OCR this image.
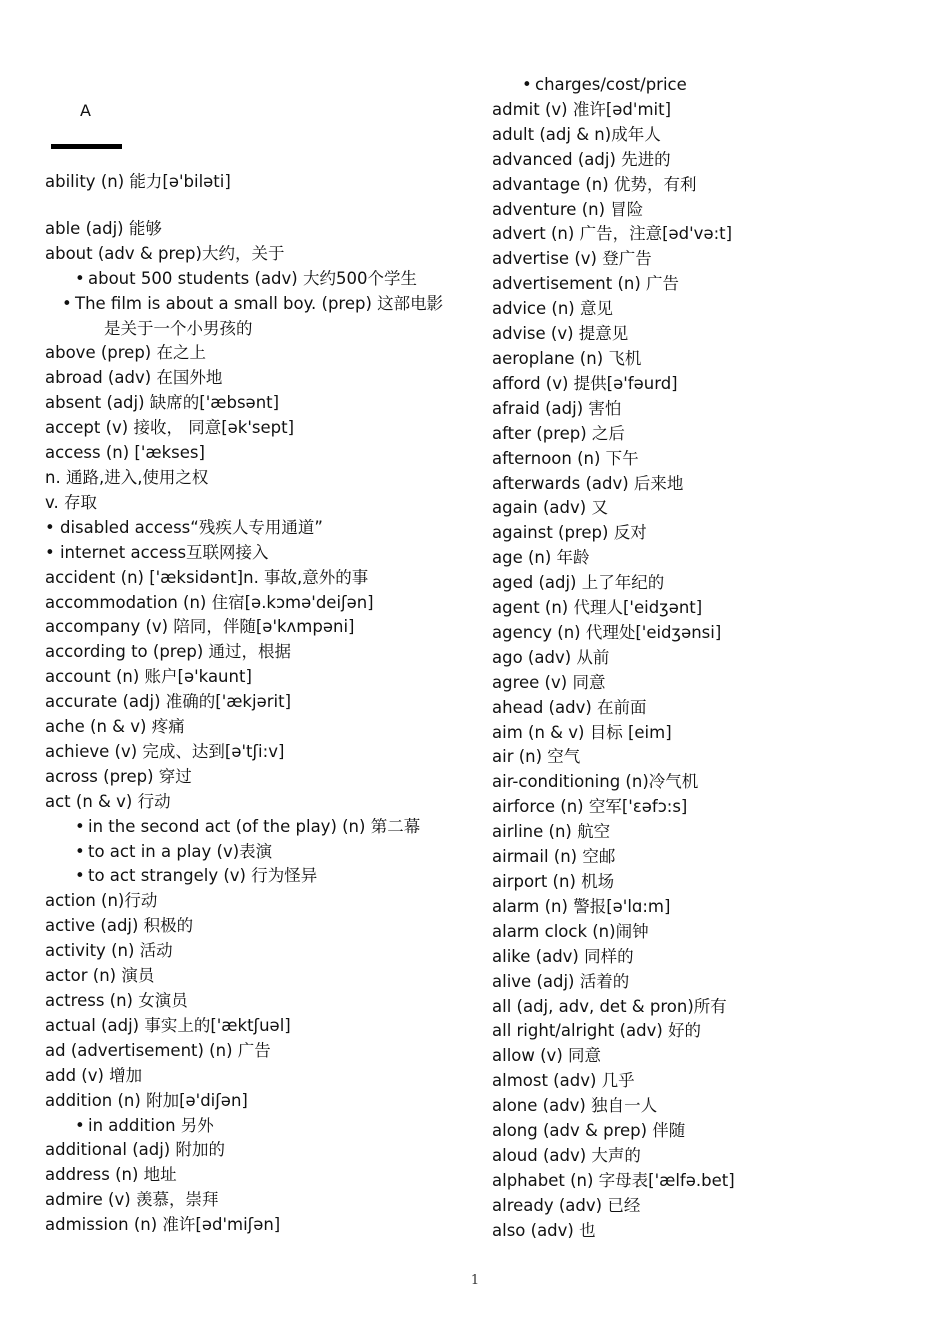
A
ability (n) 能力[ə'biləti]
able (adj) 能够
about (adv & prep)大约，关于
• about 500 students (adv) 大约500个学生
• The film is about a small boy. (prep) 这部电影
是关于一个小男孩的
above (prep) 在之上
abroad (adv) 在国外地
absent (adj) 缺席的['æbsənt]
accept (v) 接收， 同意[ək'sept]
access (n) ['ækses]
n. 通路,进入,使用之权
v. 存取
• disabled access“残疾人专用通道”
• internet access互联网接入
accident (n) ['æksidənt]n. 事故,意外的事
accommodation (n) 住宿[ə.kɔmə'deiʃən]
accompany (v) 陪同，伴随[ə'kʌmpəni]
according to (prep) 通过，根据
account (n) 账户[ə'kaunt]
accurate (adj) 准确的['ækjərit]
ache (n & v) 疼痛
achieve (v) 完成、达到[ə'tʃi:v]
across (prep) 穿过
act (n & v) 行动
• in the second act (of the play) (n) 第二幕
• to act in a play (v)表演
• to act strangely (v) 行为怪异
action (n)行动
active (adj) 积极的
activity (n) 活动
actor (n) 演员
actress (n) 女演员
actual (adj) 事实上的['æktʃuəl]
ad (advertisement) (n) 广告
add (v) 增加
addition (n) 附加[ə'diʃən]
• in addition 另外
additional (adj) 附加的
address (n) 地址
admire (v) 羡慕，崇拜
admission (n) 准许[əd'miʃən]
• charges/cost/price
admit (v) 准许[əd'mit]
adult (adj & n)成年人
advanced (adj) 先进的
advantage (n) 优势，有利
adventure (n) 冒险
advert (n) 广告，注意[əd'və:t]
advertise (v) 登广告
advertisement (n) 广告
advice (n) 意见
advise (v) 提意见
aeroplane (n) 飞机
afford (v) 提供[ə'fəurd]
afraid (adj) 害怕
after (prep) 之后
afternoon (n) 下午
afterwards (adv) 后来地
again (adv) 又
against (prep) 反对
age (n) 年龄
aged (adj) 上了年纪的
agent (n) 代理人['eidʒənt]
agency (n) 代理处['eidʒənsi]
ago (adv) 从前
agree (v) 同意
ahead (adv) 在前面
aim (n & v) 目标 [eim]
air (n) 空气
air-conditioning (n)冷气机
airforce (n) 空军['ɛəfɔ:s]
airline (n) 航空
airmail (n) 空邮
airport (n) 机场
alarm (n) 警报[ə'lɑ:m]
alarm clock (n)闹钟
alike (adv) 同样的
alive (adj) 活着的
all (adj, adv, det & pron)所有
all right/alright (adv) 好的
allow (v) 同意
almost (adv) 几乎
alone (adv) 独自一人
along (adv & prep) 伴随
aloud (adv) 大声的
alphabet (n) 字母表['ælfə.bet]
already (adv) 已经
also (adv) 也
1
